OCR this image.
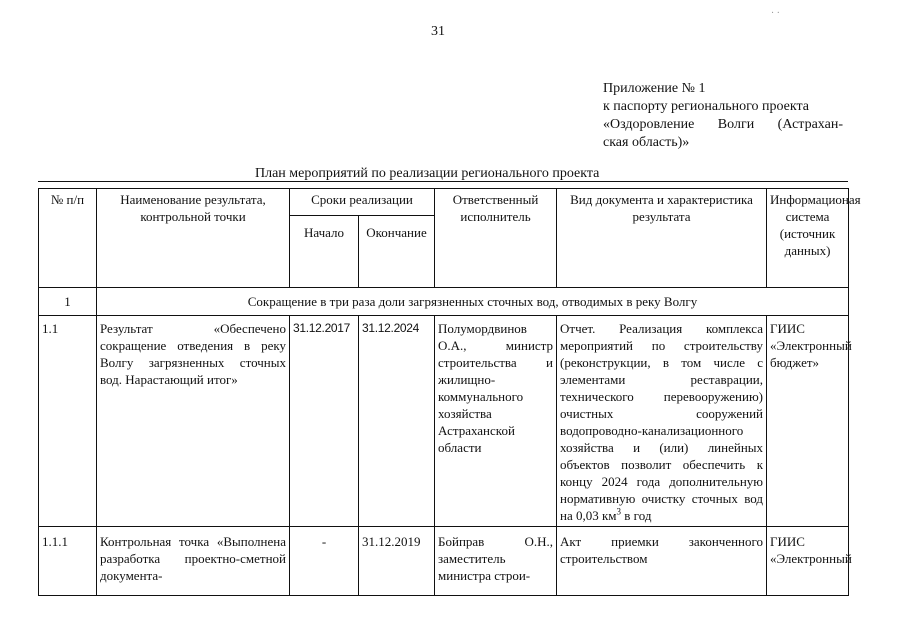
· ·
31
Приложение № 1
к паспорту регионального проекта
«Оздоровление Волги (Астрахан-
ская область)»
План мероприятий по реализации регионального проекта
№ п/п	Наименование результата, контрольной точки	Сроки реализации		Ответственный исполнитель	Вид документа и характеристика результата	Информационая система (источник данных)
		Начало	Окончание			
1	Сокращение в три раза доли загрязненных сточных вод, отводимых в реку Волгу					
1.1	Результат «Обеспечено сокращение отведения в реку Волгу загрязненных сточных вод. Нарастающий итог»	31.12.2017	31.12.2024	Полумордвинов О.А., министр строительства и жилищно-коммунального хозяйства Астраханской области	Отчет. Реализация комплекса мероприятий по строительству (реконструкции, в том числе с элементами реставрации, технического перевооружению) очистных сооружений водопроводно-канализационного хозяйства и (или) линейных объектов позволит обеспечить к концу 2024 года дополнительную нормативную очистку сточных вод на 0,03 $км^3$ в год	ГИИС «Электронный бюджет»
1.1.1	Контрольная точка «Выполнена разработка проектно-сметной документа-	-	31.12.2019	Бойправ О.Н., заместитель министра строи-	Акт приемки законченного строительством	ГИИС «Электронный
